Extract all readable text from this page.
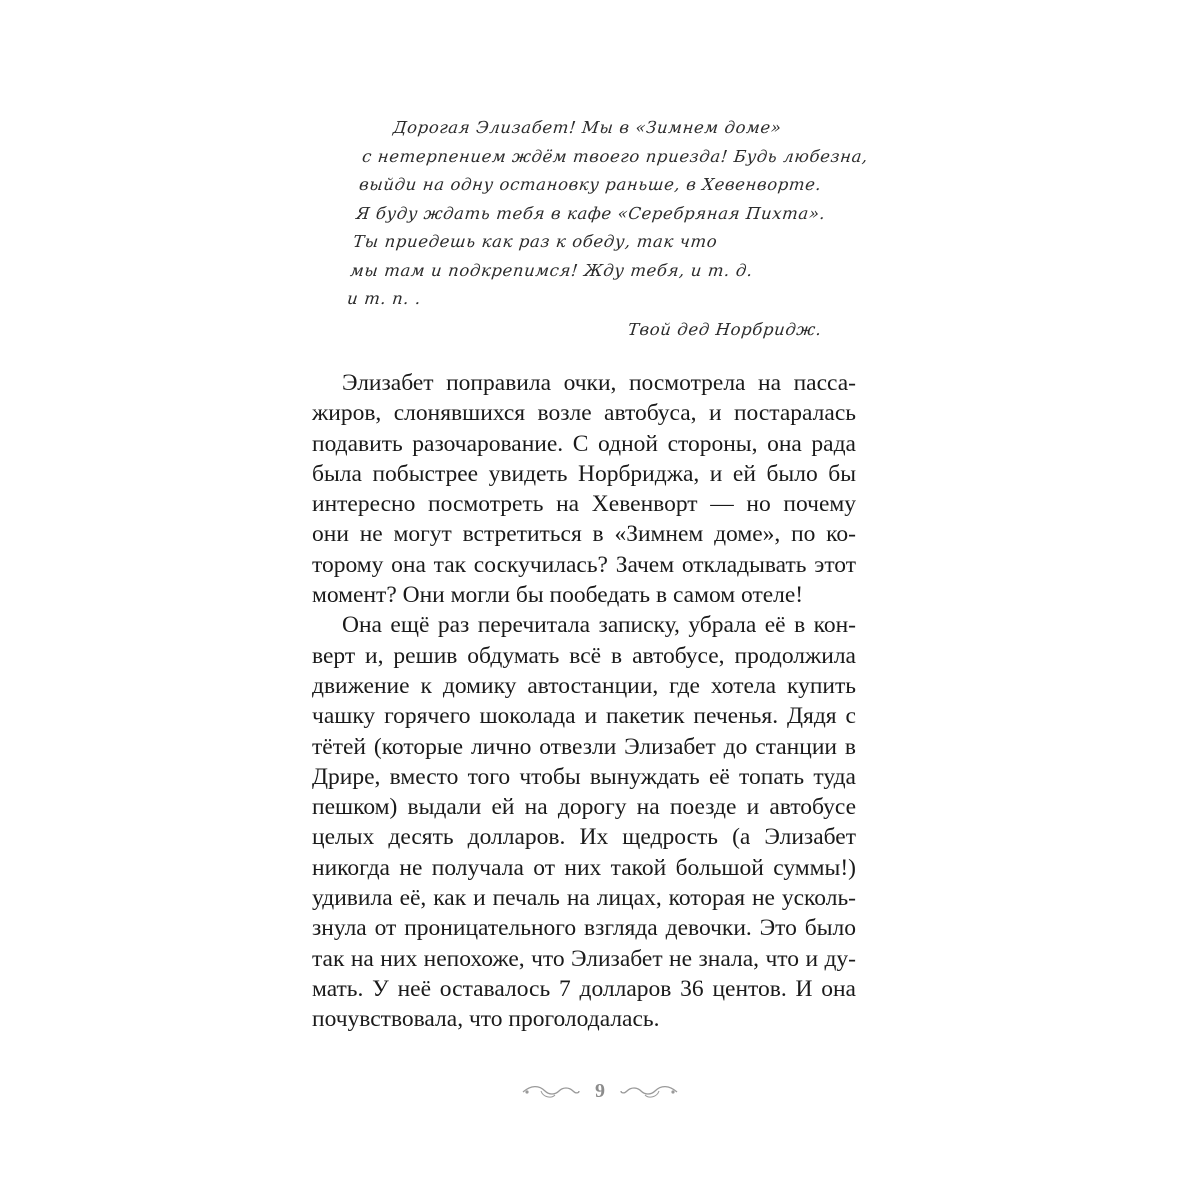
Дорогая Элизабет! Мы в «Зимнем доме»
с нетерпением ждём твоего приезда! Будь любезна,
выйди на одну остановку раньше, в Хевенворте.
Я буду ждать тебя в кафе «Серебряная Пихта».
Ты приедешь как раз к обеду, так что
мы там и подкрепимся! Жду тебя, и т. д.
и т. п. .
Твой дед Норбридж.

Элизабет поправила очки, посмотрела на пассажиров, слонявшихся возле автобуса, и постаралась подавить разочарование. С одной стороны, она рада была побыстрее увидеть Норбриджа, и ей было бы интересно посмотреть на Хевенворт — но почему они не могут встретиться в «Зимнем доме», по которому она так соскучилась? Зачем откладывать этот момент? Они могли бы пообедать в самом отеле!

Она ещё раз перечитала записку, убрала её в конверт и, решив обдумать всё в автобусе, продолжила движение к домику автостанции, где хотела купить чашку горячего шоколада и пакетик печенья. Дядя с тётей (которые лично отвезли Элизабет до станции в Дрире, вместо того чтобы вынуждать её топать туда пешком) выдали ей на дорогу на поезде и автобусе целых десять долларов. Их щедрость (а Элизабет никогда не получала от них такой большой суммы!) удивила её, как и печаль на лицах, которая не ускользнула от проницательного взгляда девочки. Это было так на них непохоже, что Элизабет не знала, что и думать. У неё оставалось 7 долларов 36 центов. И она почувствовала, что проголодалась.

9
